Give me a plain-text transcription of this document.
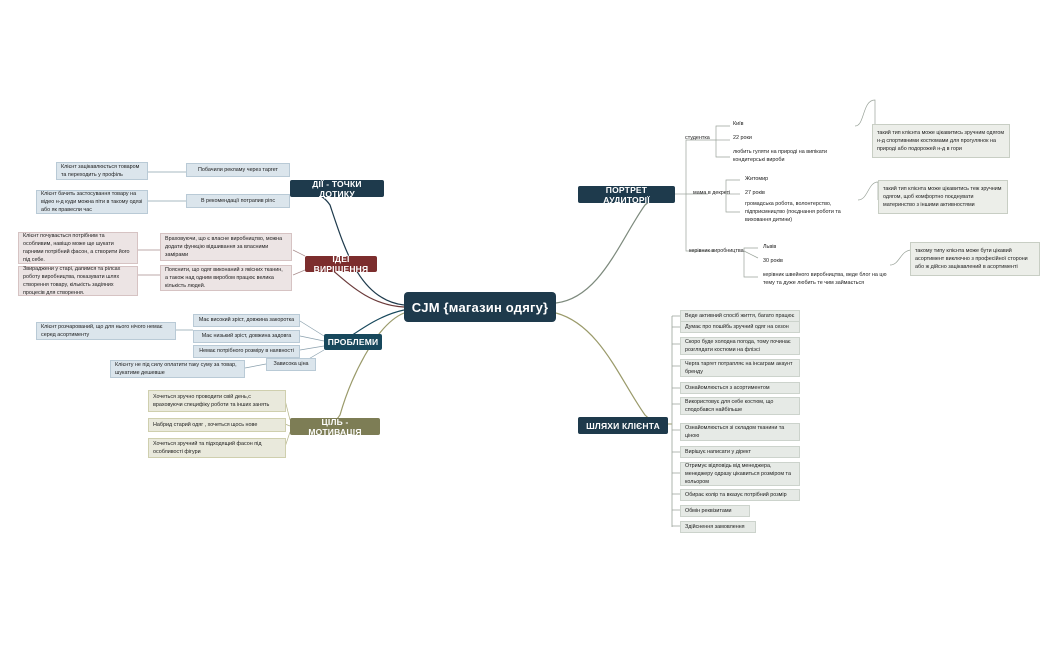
CJM {магазин одягу}
ДІЇ - ТОЧКИ ДОТИКУ
Побачили рекламу через таргет
В рекомендації потрапив pinc
Клієнт зацікавлюється товаром та переходить у профіль
Клієнт бачить застосування товару на відео н-д куди можна піти в такому одязі або як правесли час
ІДЕЇ ВИРІШЕННЯ
Враховуючи, що є власне виробництво, можна додати функцію відшивання за власними замірами
Пояснити, що одяг виконаний з якісних тканин, а також над одним виробом працює велика кількість людей.
Клієнт почувається потрібним та особливим, навіщо може ще шукати гарними потрібний фасон, а створити його під себе.
Звираджени у старі, дапимся та рілсах роботу виробництва, показувати шлях створення товару, кількість задіяних процесів для створення.
ПРОБЛЕМИ
Має високий зріст, довжина закоротка
Має низький зріст, довжина задовга
Немає потрібного розміру в наявності
Зависока ціна
Клієнт розчарований, що для нього нічого немає серед асортименту
Клієнту не під силу оплатити таку суму за товар, шукатиме дешевше
ЦІЛЬ - МОТИВАЦІЯ
Хочеться зручно проводити свій день,с враховуючи специфіку роботи та інших занять
Набрид старий одяг , хочеться щось нове
Хочеться зручний та підходящий фасон під особливості фігури
ПОРТРЕТ АУДИТОРІЇ
студентка
Київ
22 роки
любить гуляти на природі на випікати кондитерські вироби
такий тип клієнта може цікавитись зручним одягом н-д спортивними костюмами для прогулянок на природі або подорожей н-д в гори
мама в декреті
Житомир
27 років
громадська робота, волонтерство, підприємництво (поєднання роботи та виховання дитини)
такий тип клієнта може цікавитись теж зручним одягом, щоб комфортно поєднувати материнство з іншими активностями
керівник виробництва
Львів
30 років
керівник швейного виробництва, веде блог на цю тему та дуже любить те чим займається
такому типу клієнта може бути цікавий асортимент виключно з професійної сторони або ж дійсно зацікавлений в асортименті
ШЛЯХИ КЛІЄНТА
Веде активний спосіб життя, багато працює
Думає про пошйбь зручний одяг на сезон
Скоро буде холодна погода, тому починає розглядати костюми на фліэсі
Черга таргет потрапляє на інсаграм акаунт бренду
Ознайомлюється з асортиментом
Використовує для себе костюм, що сподобався найбільше
Ознайомлюється зі складом тканини та ціною
Вирішує написати у дірект
Отримує відповідь від менеджера, менеджеру одразу цікавиться розміром та кольором
Обирає колір та вказує потрібний розмір
Обмін реквізитами
Здійснення замовлення
